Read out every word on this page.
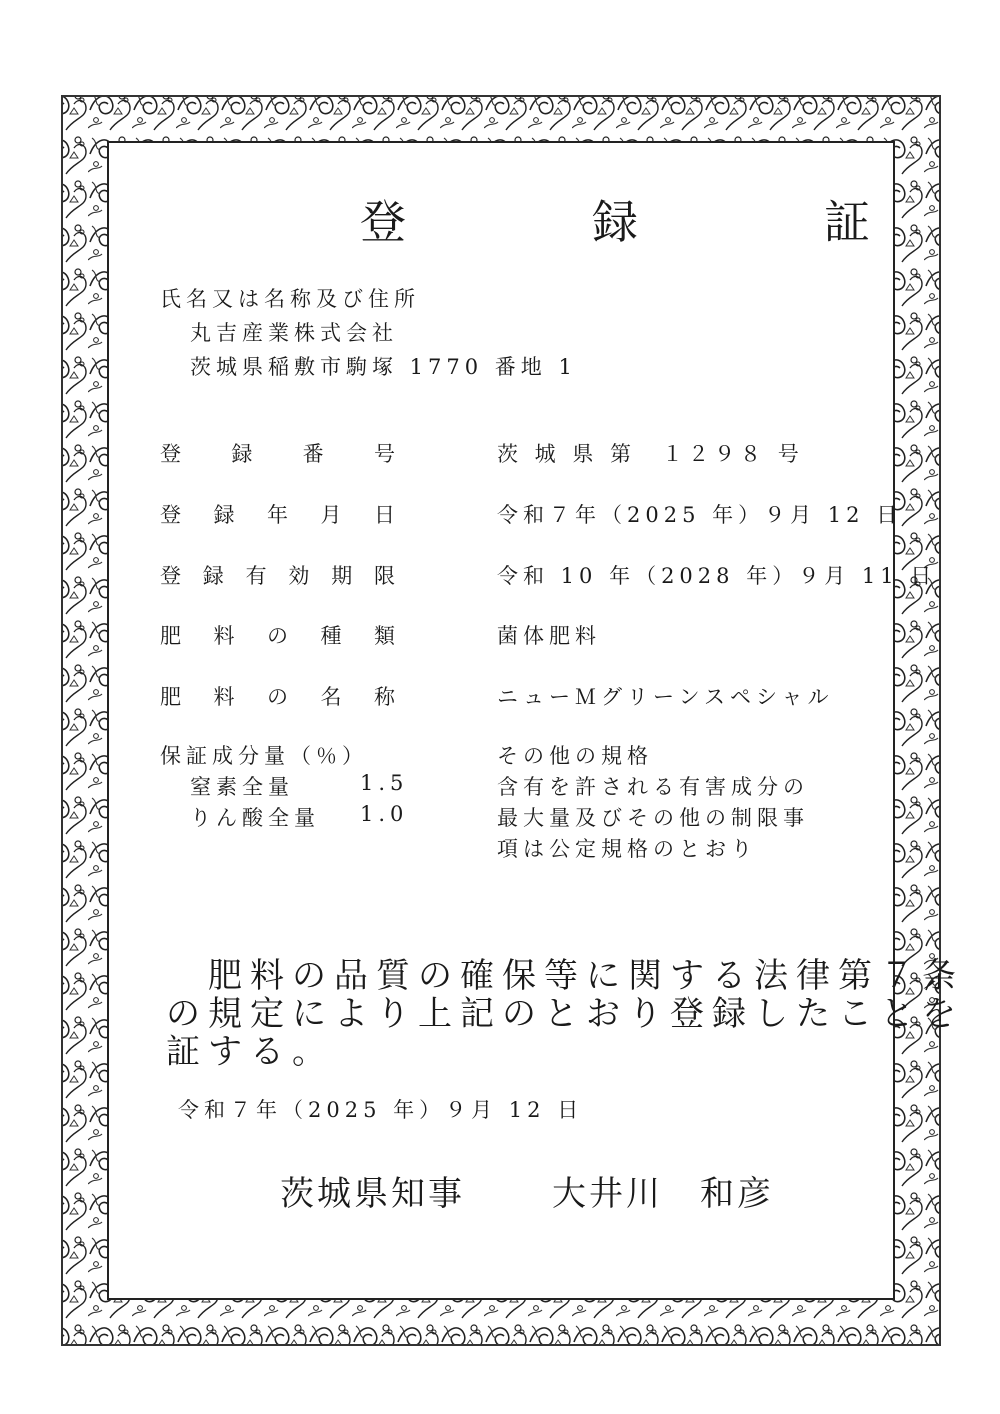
登　録　証
氏名又は名称及び住所
丸吉産業株式会社
茨城県稲敷市駒塚 1770 番地 1
登　録　番　号	茨 城 県 第　１２９８ 号
登　録　年　月　日	令和７年（2025 年）９月 12 日
登　録　有　効　期　限	令和 10 年（2028 年）９月 11 日
肥　料　の　種　類	菌体肥料
肥　料　の　名　称	ニューＭグリーンスペシャル
保証成分量（％）
窒素全量	1.5
りん酸全量 1.0
その他の規格
含有を許される有害成分の
最大量及びその他の制限事
項は公定規格のとおり
　肥料の品質の確保等に関する法律第７条
の規定により上記のとおり登録したことを
証する。
令和７年（2025 年）９月 12 日
茨城県知事	大井川　和彦
